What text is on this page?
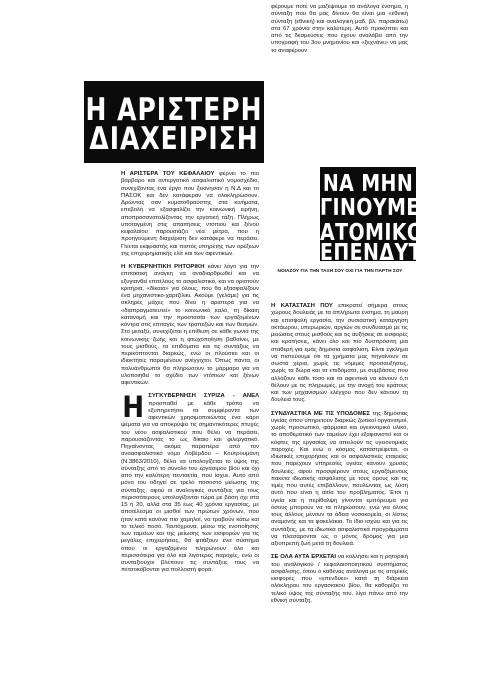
Η ΑΡΙΣΤΕΡΗ
ΔΙΑΧΕΙΡΙΣΗ

Η ΑΡΙΣΤΕΡΑ ΤΟΥ ΚΕΦΑΛΑΙΟΥ φέρνει το πιο βάρβαρο και αντεργατικό ασφαλιστικό νομοσχέδιο, συνεχίζοντας ένα έργο που ξεκίνησαν η Ν.Δ και το ΠΑΣΟΚ και δεν κατάφεραν να ολοκληρώσουν. Δρώντας σαν κυματοθραύστης στα κινήματα, επεβολή να εξασφαλίζει την κοινωνική ειρήνη, αποπροσανατολίζοντας την εργατική τάξη. Πλήρως υποταγμένη στις απαιτήσεις ντόπιου και ξένου κεφαλαίου παρουσιάζει νέα μέτρα, που η προηγούμενη διαχείριση δεν κατάφερε να περάσει. Γίνεται εκφραστής και πιστός υπηρέτης των ορέξεων της επιχειρηματικής ελίτ και των αφεντικών.

Η ΚΥΒΕΡΝΗΤΙΚΗ ΡΗΤΟΡΙΚΗ κάνει λόγο για την επιτακτική ανάγκη να αναδιαρθρωθεί και να εξυγιανθεί επιτέλους το ασφαλιστικό, και να οριστούν κριτήρια, «δίκαια» για όλους, που θα εξασφαλίζουν ένα μηχανιστικο-χαρτζίλικι. Ακούμε (γελάμε) για τις σκληρές μάχες που δίνει η αριστερά για να «διαπραγματευτεί» το κοινωνικό καλό, τη δίκαιη κατανομή και την προστασία των εργαζομένων κόντρα στις επιταγές των τραπεζών και των θεσμών. Στο μεταξύ, συνεχίζεται η επίθεση σε κάθε γωνιά της κοινωνικής ζωής και η φτωχοποίηση βαθαίνει, με τους μισθούς, τα επιδόματα και τις συντάξεις να περικόπτονται διαρκώς, ενώ οι πλούσιοι και οι ιδιοκτήτες παραμένουν ανέγγιχτοι. Όπως πάντα, οι πολυάνθρωποι θα πληρώσουν το μάρμαρο για να υλοποιηθεί το σχέδιο των ντόπιων και ξένων αφεντικών.

ΗΣΥΓΚΥΒΕΡΝΗΣΗ ΣΥΡΙΖΑ - ΑΝΕΛ προσπαθεί με κάθε τρόπο να εξυπηρετήσει τα συμφέροντα των αφεντικών χρησιμοποιώντας ένα κάρο ψέματα για να αποκρύψει τις σημαντικότερες πτυχές του νέου ασφαλιστικού που θέλει να περάσει, παρουσιάζοντάς το ως δίκαιο και φιλεργατικό. Πηγαίνοντας ακόμα παραπέρα από τον αναασφαλιστικό νόμο Λοβέρδου – Κουτρουμάνη (Ν.3863/2010), θέλει να υπολογίζεται το ύψος της σύνταξης από το σύνολο του εργάσιμου βίου και όχι από την καλύτερη πενταετία, που ίσχυε. Αυτό από μόνο του οδηγεί σε τρελό ποσοστό μείωσης της σύνταξης, αφού οι αναλογικές συντάξεις για τους περισσότερους υπολογίζονται τώρα με βάση όχι στα 15 ή 20, αλλά στα 35 έως 40 χρόνια εργασίας, με αποτέλεσμα οι μισθοί των πρώτων χρόνων, που ήταν κατά κανόνα πιο χαμηλοί, να τραβούν κάτω και το τελικό ποσό. Ταυτόχρονα, μέσω της ενοποίησης των ταμείων και της μείωσης των εισφορών για τις μεγάλες επιχειρήσεις, θα φτιάξουν ένα σύστημα όπου οι εργαζόμενοι πληρώνουν όλο και περισσότερα για όλο και λιγότερες παροχές, ενώ οι συνταξιούχοι βλέπουν τις συντάξεις τους να πετσοκόβονται για πολλοστή φορά.

φέρουμε ποτέ να μαζέψουμε τα ανάλογα ένσημα, η σύνταξη που θα μας δίνουν θα είναι μια «εθνική σύνταξη (εθνική) και αναλογική μαδ, βλ. παρακάτω) στα 67 χρόνια στην καλύτερη. Αυτό προκύπτει και από τις δεσμεύσεις που έχουν αναλάβει από την υπογραφή του 3ου μνημονίου και «ξεχνάνε» να μας το αναφέρουν

ΝΑ ΜΗΝ
ΓΙΝΟΥΜΕ
ΑΤΟΜΙΚΟΙ
ΕΠΕΝΔΥΤΕΣ.
ΝΟΙΑΖΟΥ ΓΙΑ ΤΗΝ ΤΑΞΗ ΣΟΥ ΟΧΙ ΓΙΑ ΤΗΝ ΠΑΡΤΗ ΣΟΥ

Η ΚΑΤΑΣΤΑΣΗ ΠΟΥ επικρατεί σήμερα στους χώρους δουλειάς με τα απλήρωτα ένσημα, τη μαύρη και επισφαλή εργασία, την συσιαστική κατάργηση οκτάωρου, υπερωριών, αργιών σε συνδυασμό με τις μειώσεις στους μισθούς και τις αυξήσεις σε εισφορές και κρατήσεις, κάνει όλο και πιο δυσπρόσιτη μια σταθερή για εμάς δημόσια ασφάλιση. Είναι έγκλημα να πιστεύουμε ότι τα χρήματα μας πηγαίνουν σε σωστά χέρια, χωρίς τις νόμιμες προσαυξήσεις, χωρίς τα δώρα και τα επιδόματα, με συμβάσεις που αλλάζουν κάθε τόσο και τα αφεντικά να κάνουν ό,τι θέλουν με τις πληρωμές, με την ανοχή του κράτους και των μηχανισμών ελέγχου που δεν κάνουν τη δουλειά τους.

ΣΥΝΔΥΑΣΤΙΚΑ ΜΕ ΤΙΣ ΥΠΟΔΟΜΕΣ της δημόσιας υγείας όπου υπηρετούν διαρκώς ζωτικοί οργανισμοί, χωρίς προσωπικό, φάρμακα και υγειονομικό υλικό, το αποθεματικό των ταμείων έχει εξαφανιστεί και οι κόφτες της εργασίας να απειλούν τις υγειονομικές παροχές. Και ενώ ο κόσμος καταστρέφεται, οι ιδιωτικές επιχειρήσεις και οι ασφαλιστικές εταιρείες που παρέχουν υπηρεσίες υγείας κάνουν χρυσές δουλειές, αφού προσφέρουν στους εργαζόμενους πακέτα ιδιωτικής ασφάλισης με τους όρους και τις τιμές που αυτές επιβάλλουν, πουλώντας ως λύση αυτό που είναι η αιτία του προβλήματος. Έτσι η υγεία και η περίθαλψη γίνονται εμπόρευμα για όσους μπορούν να τα πληρώσουν, ενώ για όλους τους άλλους μένουν τα άδεια νοσοκομεία, οι λίστες αναμονής και τα φακελάκια. Το ίδιο ισχύει και για τις συντάξεις, με τα ιδιωτικά ασφαλιστικά προγράμματα να πλασάρονται ως ο μόνος δρόμος για μια αξιοπρεπή ζωή μετά τη δουλειά.

ΣΕ ΟΛΑ ΑΥΤΑ ΕΡΧΕΤΑΙ να κολλήσει και η ρητορική του αναλογικού / κεφαλαιοποιητικού συστήματος ασφάλισης, όπου ο καθένας ανάλογα με τις ατομικές εισφορές που «επενδύει» κατά τη διάρκεια ολόκληρου του εργασιακού βίου, θα καθορίζει το τελικό ύψος της σύνταξής του, λίγο πάνω από την εθνική σύνταξη.
